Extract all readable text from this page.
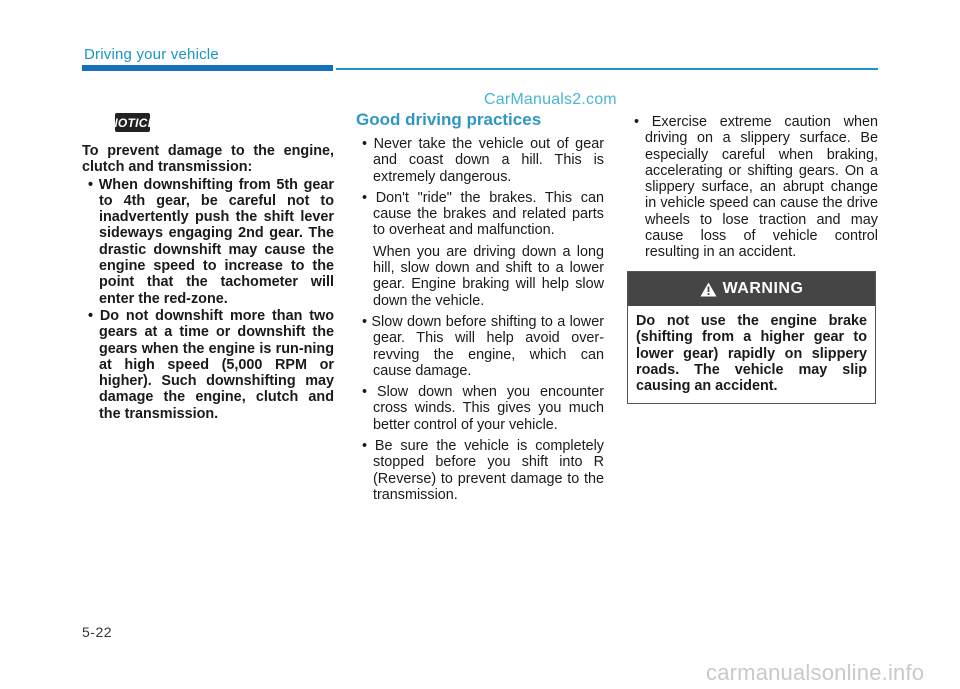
Driving your vehicle
CarManuals2.com
NOTICE

To prevent damage to the engine, clutch and transmission:

• When downshifting from 5th gear to 4th gear, be careful not to inadvertently push the shift lever sideways engaging 2nd gear. The drastic downshift may cause the engine speed to increase to the point that the tachometer will enter the red-zone.

• Do not downshift more than two gears at a time or downshift the gears when the engine is run-ning at high speed (5,000 RPM or higher). Such downshifting may damage the engine, clutch and the transmission.

Good driving practices

• Never take the vehicle out of gear and coast down a hill. This is extremely dangerous.

• Don't "ride" the brakes. This can cause the brakes and related parts to overheat and malfunction.

When you are driving down a long hill, slow down and shift to a lower gear. Engine braking will help slow down the vehicle.

• Slow down before shifting to a lower gear. This will help avoid over-revving the engine, which can cause damage.

• Slow down when you encounter cross winds. This gives you much better control of your vehicle.

• Be sure the vehicle is completely stopped before you shift into R (Reverse) to prevent damage to the transmission.

• Exercise extreme caution when driving on a slippery surface. Be especially careful when braking, accelerating or shifting gears. On a slippery surface, an abrupt change in vehicle speed can cause the drive wheels to lose traction and may cause loss of vehicle control resulting in an accident.

WARNING
Do not use the engine brake (shifting from a higher gear to lower gear) rapidly on slippery roads. The vehicle may slip causing an accident.
5-22
carmanualsonline.info
